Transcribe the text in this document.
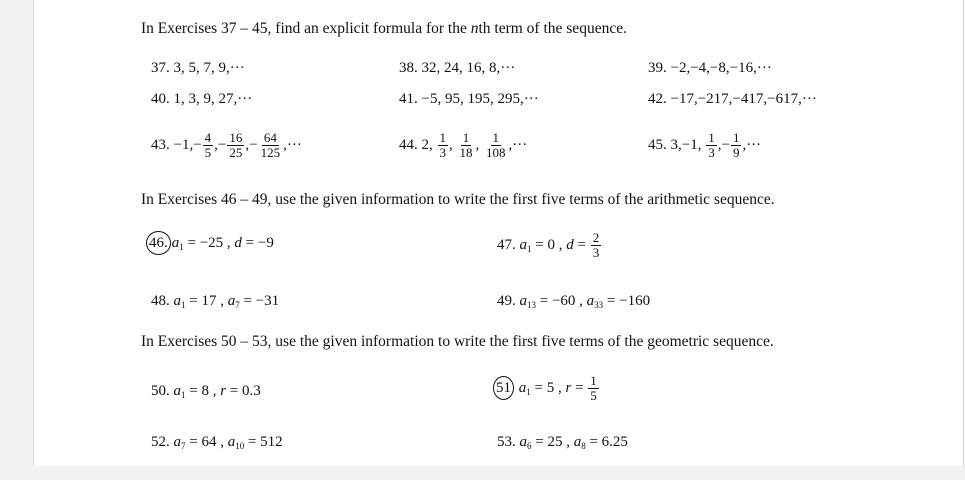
In Exercises 37 – 45, find an explicit formula for the nth term of the sequence.
37. 3, 5, 7, 9,···	38. 32, 24, 16, 8,···	39. −2,−4,−8,−16,···
40. 1, 3, 9, 27,···	41. −5, 95, 195, 295,···	42. −17,−217,−417,−617,···
43. $-1,- \frac{4}{5}$ ,− $\frac{16}{25}$ ,− $\frac{64}{125}$ ,···	44. 2, $\frac{1}{3}$ , $\frac{1}{18}$ , $\frac{1}{108}$ ,···	45. 3,−1, $\frac{1}{3}$ ,− $\frac{1}{9}$ ,···
In Exercises 46 – 49, use the given information to write the first five terms of the arithmetic sequence.
46. $a_1 = -25$ , d = −9	47. $a_1 = 0$ , $d = \frac{2}{3}$
48. $a_1 = 17$ , $a_7 = -31$	49. $a_{13} = -60$ , $a_{33} = -160$
In Exercises 50 – 53, use the given information to write the first five terms of the geometric sequence.
50. $a_1 = 8$ , r = 0.3	51 $a_1 = 5$ , $r = \frac{1}{5}$
52. $a_7 = 64$ , $a_{10} = 512$	53. $a_6 = 25$ , $a_8 = 6.25$
